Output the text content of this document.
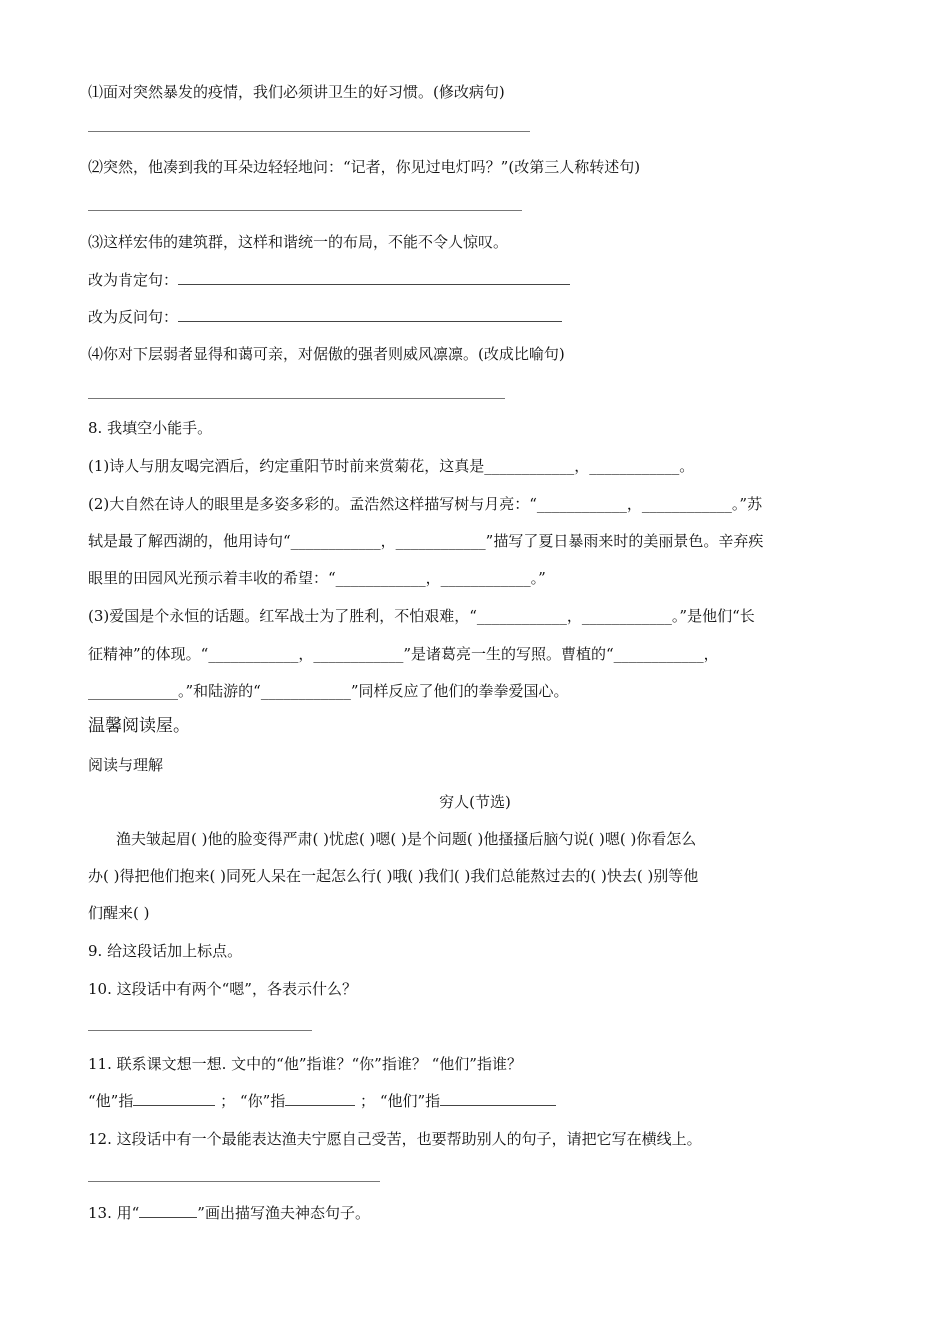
⑴面对突然暴发的疫情，我们必须讲卫生的好习惯。(修改病句)
⑵突然，他凑到我的耳朵边轻轻地问：“记者，你见过电灯吗？”(改第三人称转述句)
⑶这样宏伟的建筑群，这样和谐统一的布局，不能不令人惊叹。
改为肯定句：
改为反问句：
⑷你对下层弱者显得和蔼可亲，对倨傲的强者则威风凛凛。(改成比喻句)
8. 我填空小能手。
(1)诗人与朋友喝完酒后，约定重阳节时前来赏菊花，这真是____________，____________。
(2)大自然在诗人的眼里是多姿多彩的。孟浩然这样描写树与月亮：“____________，____________。”苏
轼是最了解西湖的，他用诗句“____________，____________”描写了夏日暴雨来时的美丽景色。辛弃疾
眼里的田园风光预示着丰收的希望：“____________，____________。”
(3)爱国是个永恒的话题。红军战士为了胜利，不怕艰难，“____________，____________。”是他们“长
征精神”的体现。“____________，____________”是诸葛亮一生的写照。曹植的“____________，
____________。”和陆游的“____________”同样反应了他们的拳拳爱国心。
温馨阅读屋。
阅读与理解
穷人(节选)
渔夫皱起眉( )他的脸变得严肃( )忧虑( )嗯( )是个问题( )他搔搔后脑勺说( )嗯( )你看怎么
办( )得把他们抱来( )同死人呆在一起怎么行( )哦( )我们( )我们总能熬过去的( )快去( )别等他
们醒来( )
9. 给这段话加上标点。
10. 这段话中有两个“嗯”，各表示什么？
11. 联系课文想一想. 文中的“他”指谁？“你”指谁？ “他们”指谁？
“他”指	； “你”指	； “他们”指
12. 这段话中有一个最能表达渔夫宁愿自己受苦，也要帮助别人的句子，请把它写在横线上。
13. 用“	”画出描写渔夫神态句子。
